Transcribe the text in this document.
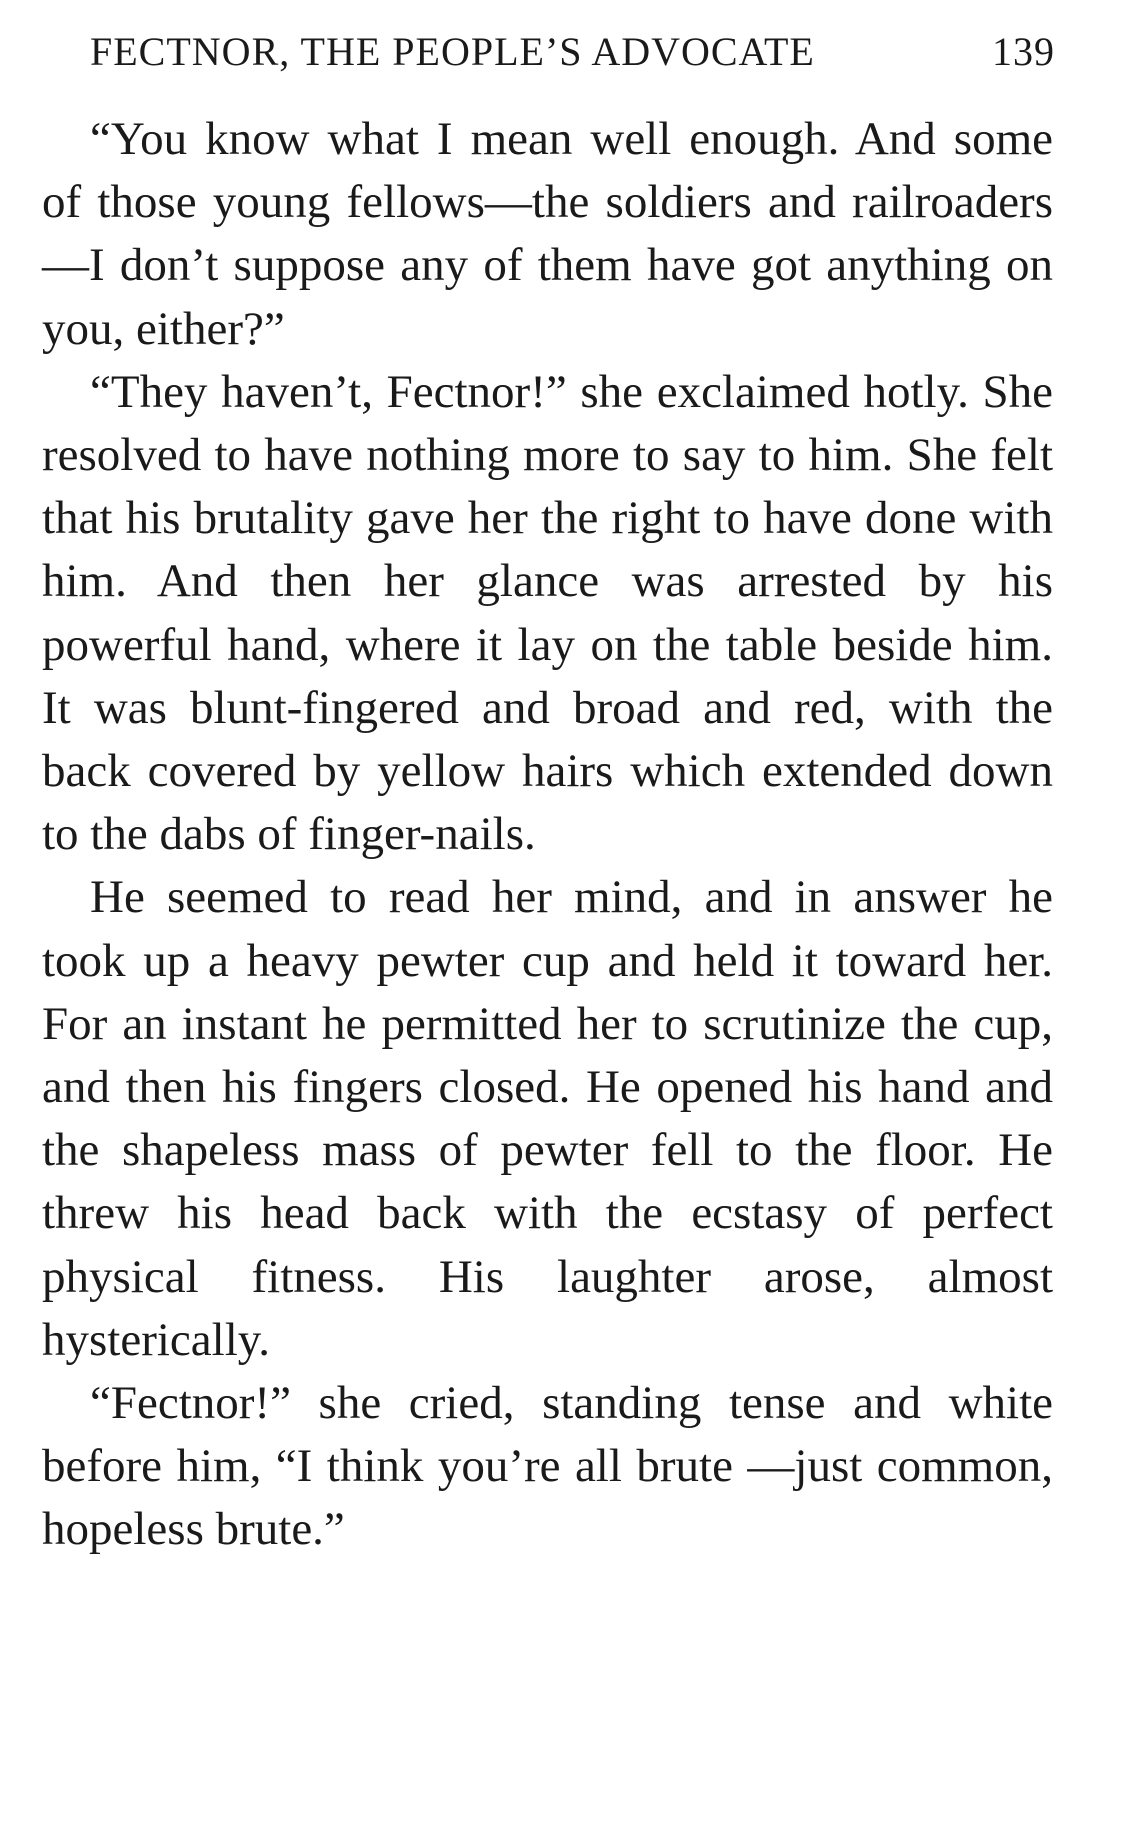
FECTNOR, THE PEOPLE’S ADVOCATE	139

“You know what I mean well enough. And some of those young fellows—the soldiers and railroaders—I don’t suppose any of them have got anything on you, either?”

“They haven’t, Fectnor!” she exclaimed hotly. She resolved to have nothing more to say to him. She felt that his brutality gave her the right to have done with him. And then her glance was arrested by his powerful hand, where it lay on the table beside him. It was blunt-fingered and broad and red, with the back covered by yellow hairs which extended down to the dabs of finger-nails.

He seemed to read her mind, and in answer he took up a heavy pewter cup and held it toward her. For an instant he permitted her to scrutinize the cup, and then his fingers closed. He opened his hand and the shapeless mass of pewter fell to the floor. He threw his head back with the ecstasy of perfect physical fitness. His laughter arose, almost hysterically.

“Fectnor!” she cried, standing tense and white before him, “I think you’re all brute —just common, hopeless brute.”
